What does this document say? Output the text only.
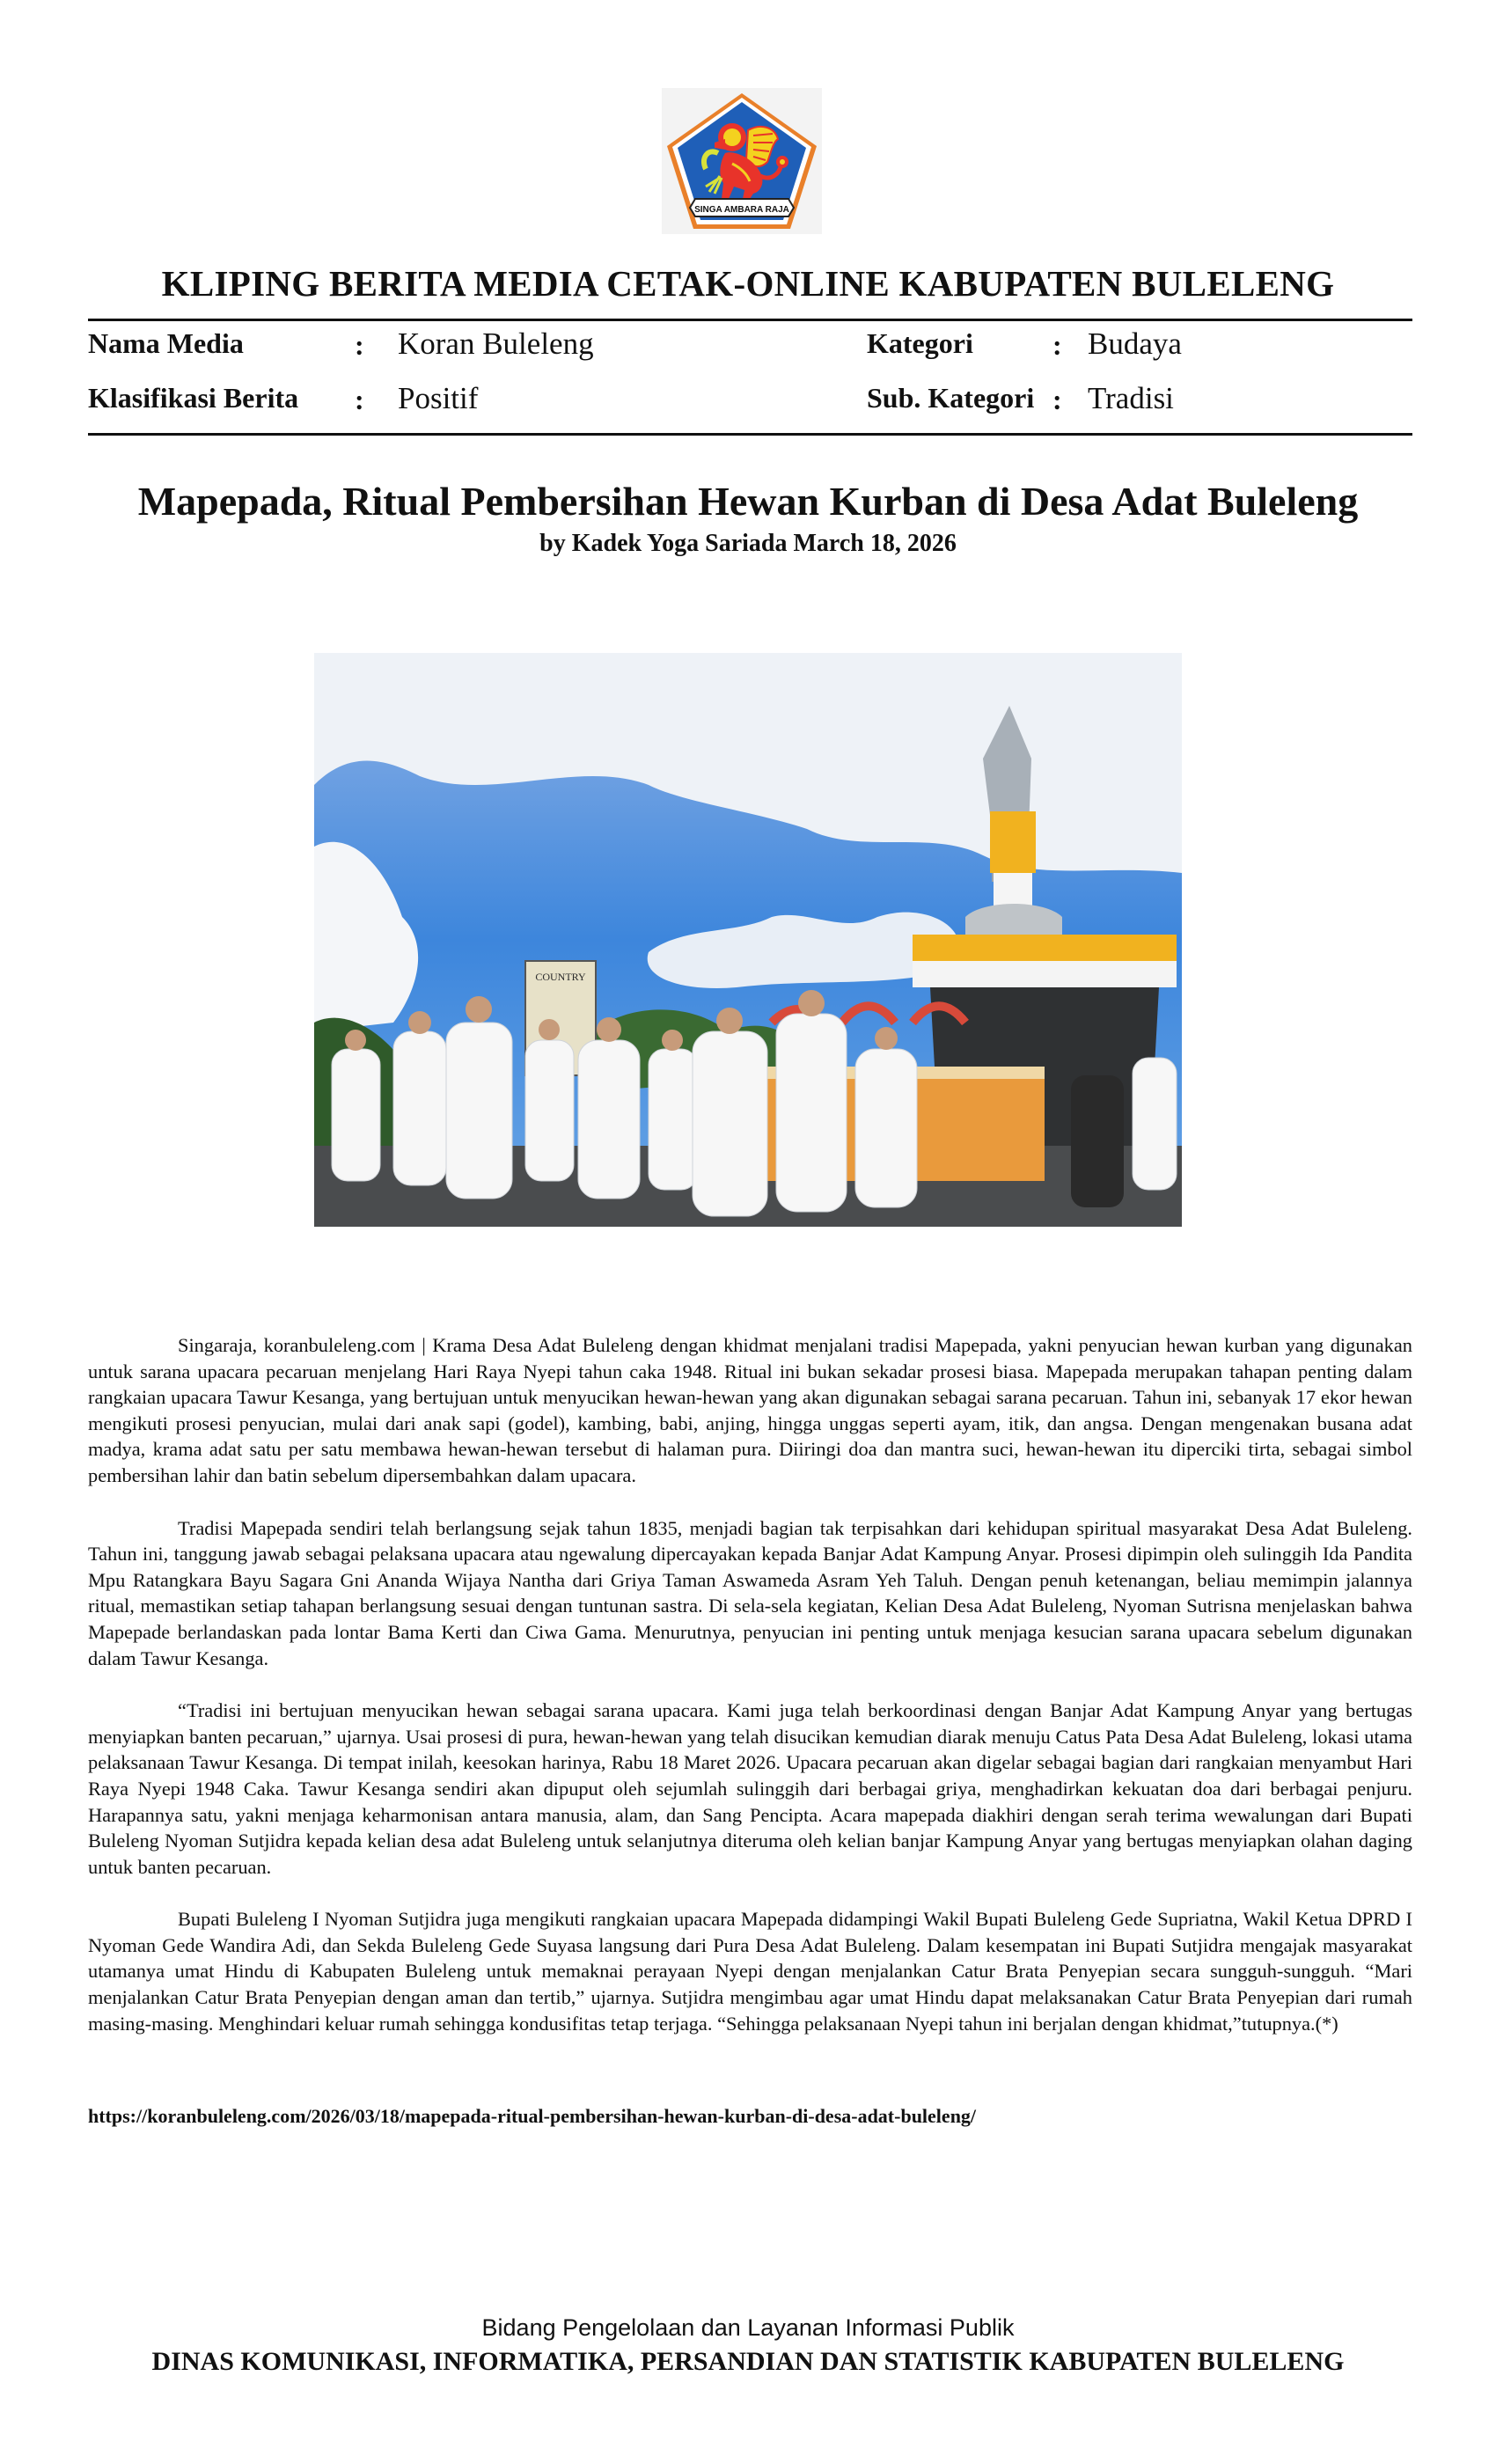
SINGA AMBARA RAJA
KLIPING BERITA MEDIA CETAK-ONLINE KABUPATEN BULELENG
Nama Media	: Koran Buleleng
Klasifikasi Berita : Positif
Kategori	: Budaya
Sub. Kategori : Tradisi
Mapepada, Ritual Pembersihan Hewan Kurban di Desa Adat Buleleng
by Kadek Yoga Sariada March 18, 2026
COUNTRY

Singaraja, koranbuleleng.com | Krama Desa Adat Buleleng dengan khidmat menjalani tradisi Mapepada, yakni penyucian hewan kurban yang digunakan untuk sarana upacara pecaruan menjelang Hari Raya Nyepi tahun caka 1948. Ritual ini bukan sekadar prosesi biasa. Mapepada merupakan tahapan penting dalam rangkaian upacara Tawur Kesanga, yang bertujuan untuk menyucikan hewan-hewan yang akan digunakan sebagai sarana pecaruan. Tahun ini, sebanyak 17 ekor hewan mengikuti prosesi penyucian, mulai dari anak sapi (godel), kambing, babi, anjing, hingga unggas seperti ayam, itik, dan angsa. Dengan mengenakan busana adat madya, krama adat satu per satu membawa hewan-hewan tersebut di halaman pura. Diiringi doa dan mantra suci, hewan-hewan itu diperciki tirta, sebagai simbol pembersihan lahir dan batin sebelum dipersembahkan dalam upacara.

Tradisi Mapepada sendiri telah berlangsung sejak tahun 1835, menjadi bagian tak terpisahkan dari kehidupan spiritual masyarakat Desa Adat Buleleng. Tahun ini, tanggung jawab sebagai pelaksana upacara atau ngewalung dipercayakan kepada Banjar Adat Kampung Anyar. Prosesi dipimpin oleh sulinggih Ida Pandita Mpu Ratangkara Bayu Sagara Gni Ananda Wijaya Nantha dari Griya Taman Aswameda Asram Yeh Taluh. Dengan penuh ketenangan, beliau memimpin jalannya ritual, memastikan setiap tahapan berlangsung sesuai dengan tuntunan sastra. Di sela-sela kegiatan, Kelian Desa Adat Buleleng, Nyoman Sutrisna menjelaskan bahwa Mapepade berlandaskan pada lontar Bama Kerti dan Ciwa Gama. Menurutnya, penyucian ini penting untuk menjaga kesucian sarana upacara sebelum digunakan dalam Tawur Kesanga.

“Tradisi ini bertujuan menyucikan hewan sebagai sarana upacara. Kami juga telah berkoordinasi dengan Banjar Adat Kampung Anyar yang bertugas menyiapkan banten pecaruan,” ujarnya. Usai prosesi di pura, hewan-hewan yang telah disucikan kemudian diarak menuju Catus Pata Desa Adat Buleleng, lokasi utama pelaksanaan Tawur Kesanga. Di tempat inilah, keesokan harinya, Rabu 18 Maret 2026. Upacara pecaruan akan digelar sebagai bagian dari rangkaian menyambut Hari Raya Nyepi 1948 Caka. Tawur Kesanga sendiri akan dipuput oleh sejumlah sulinggih dari berbagai griya, menghadirkan kekuatan doa dari berbagai penjuru. Harapannya satu, yakni menjaga keharmonisan antara manusia, alam, dan Sang Pencipta. Acara mapepada diakhiri dengan serah terima wewalungan dari Bupati Buleleng Nyoman Sutjidra kepada kelian desa adat Buleleng untuk selanjutnya diteruma oleh kelian banjar Kampung Anyar yang bertugas menyiapkan olahan daging untuk banten pecaruan.

Bupati Buleleng I Nyoman Sutjidra juga mengikuti rangkaian upacara Mapepada didampingi Wakil Bupati Buleleng Gede Supriatna, Wakil Ketua DPRD I Nyoman Gede Wandira Adi, dan Sekda Buleleng Gede Suyasa langsung dari Pura Desa Adat Buleleng. Dalam kesempatan ini Bupati Sutjidra mengajak masyarakat utamanya umat Hindu di Kabupaten Buleleng untuk memaknai perayaan Nyepi dengan menjalankan Catur Brata Penyepian secara sungguh-sungguh. “Mari menjalankan Catur Brata Penyepian dengan aman dan tertib,” ujarnya. Sutjidra mengimbau agar umat Hindu dapat melaksanakan Catur Brata Penyepian dari rumah masing-masing. Menghindari keluar rumah sehingga kondusifitas tetap terjaga. “Sehingga pelaksanaan Nyepi tahun ini berjalan dengan khidmat,”tutupnya.(*)

https://koranbuleleng.com/2026/03/18/mapepada-ritual-pembersihan-hewan-kurban-di-desa-adat-buleleng/
Bidang Pengelolaan dan Layanan Informasi Publik
DINAS KOMUNIKASI, INFORMATIKA, PERSANDIAN DAN STATISTIK KABUPATEN BULELENG
